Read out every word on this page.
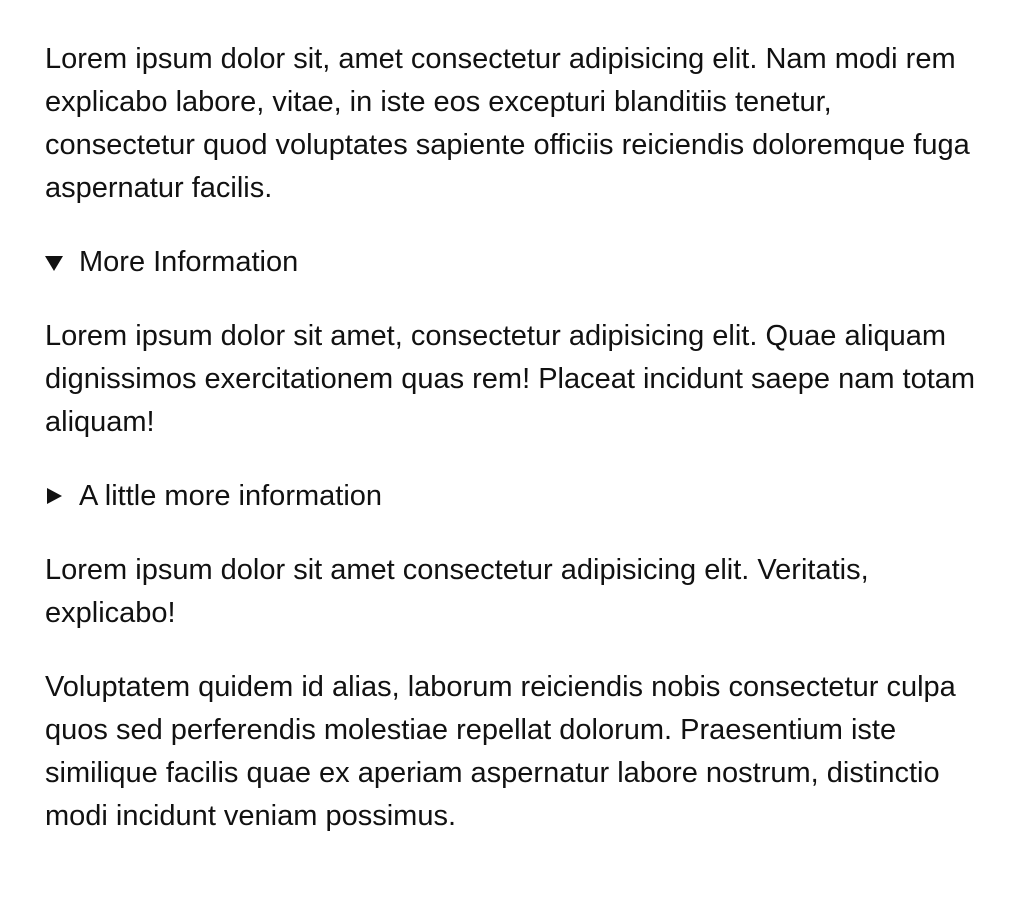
Lorem ipsum dolor sit, amet consectetur adipisicing elit. Nam modi rem explicabo labore, vitae, in iste eos excepturi blanditiis tenetur, consectetur quod voluptates sapiente officiis reiciendis doloremque fuga aspernatur facilis.

More Information

Lorem ipsum dolor sit amet, consectetur adipisicing elit. Quae aliquam dignissimos exercitationem quas rem! Placeat incidunt saepe nam totam aliquam!

A little more information

Lorem ipsum dolor sit amet consectetur adipisicing elit. Veritatis, explicabo!

Voluptatem quidem id alias, laborum reiciendis nobis consectetur culpa quos sed perferendis molestiae repellat dolorum. Praesentium iste similique facilis quae ex aperiam aspernatur labore nostrum, distinctio modi incidunt veniam possimus.
